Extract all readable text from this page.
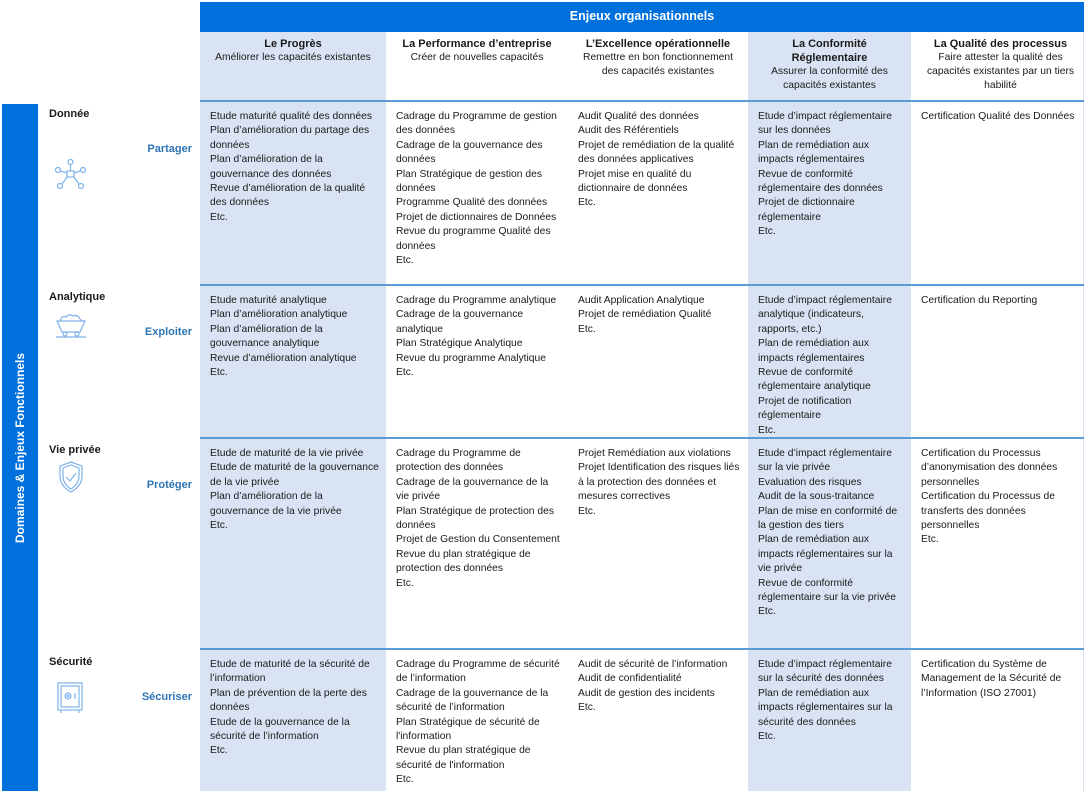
Enjeux organisationnels
Le Progrès
Améliorer les capacités existantes
La Performance d’entreprise
Créer de nouvelles capacités
L’Excellence opérationnelle
Remettre en bon fonctionnement des capacités existantes
La Conformité Réglementaire
Assurer la conformité des capacités existantes
La Qualité des processus
Faire attester la qualité des capacités existantes par un tiers habilité
Domaines & Enjeux Fonctionnels
Donnée
Partager
Analytique
Exploiter
Vie privée
Protéger
Sécurité
Sécuriser
Etude maturité qualité des données
Plan d’amélioration du partage des données
Plan d’amélioration de la gouvernance des données
Revue d’amélioration de la qualité des données
Etc.
Cadrage du Programme de gestion des données
Cadrage de la gouvernance des données
Plan Stratégique de gestion des données
Programme Qualité des données
Projet de dictionnaires de Données
Revue du programme Qualité des données
Etc.
Audit Qualité des données
Audit des Référentiels
Projet de remédiation de la qualité des données applicatives
Projet mise en qualité du dictionnaire de données
Etc.
Etude d’impact réglementaire sur les données
Plan de remédiation aux impacts réglementaires
Revue de conformité réglementaire des données
Projet de dictionnaire réglementaire
Etc.
Certification Qualité des Données
Etude maturité analytique
Plan d’amélioration analytique
Plan d’amélioration de la gouvernance analytique
Revue d’amélioration analytique
Etc.
Cadrage du Programme analytique
Cadrage de la gouvernance analytique
Plan Stratégique Analytique
Revue du programme Analytique
Etc.
Audit Application Analytique
Projet de remédiation Qualité
Etc.
Etude d’impact réglementaire analytique (indicateurs, rapports, etc.)
Plan de remédiation aux impacts réglementaires
Revue de conformité réglementaire analytique
Projet de notification réglementaire
Etc.
Certification du Reporting
Etude de maturité de la vie privée
Etude de maturité de la gouvernance de la vie privée
Plan d’amélioration de la gouvernance de la vie privée
Etc.
Cadrage du Programme de protection des données
Cadrage de la gouvernance de la vie privée
Plan Stratégique de protection des données
Projet de Gestion du Consentement
Revue du plan stratégique de protection des données
Etc.
Projet Remédiation aux violations
Projet Identification des risques liés à la protection des données et mesures correctives
Etc.
Etude d’impact réglementaire sur la vie privée
Evaluation des risques
Audit de la sous-traitance
Plan de mise en conformité de la gestion des tiers
Plan de remédiation aux impacts réglementaires sur la vie privée
Revue de conformité réglementaire sur la vie privée
Etc.
Certification du Processus d’anonymisation des données personnelles
Certification du Processus de transferts des données personnelles
Etc.
Etude de maturité de la sécurité de l’information
Plan de prévention de la perte des données
Etude de la gouvernance de la sécurité de l’information
Etc.
Cadrage du Programme de sécurité de l’information
Cadrage de la gouvernance de la sécurité de l’information
Plan Stratégique de sécurité de l'information
Revue du plan stratégique de sécurité de l'information
Etc.
Audit de sécurité de l’information
Audit de confidentialité
Audit de gestion des incidents
Etc.
Etude d’impact réglementaire sur la sécurité des données
Plan de remédiation aux impacts réglementaires sur la sécurité des données
Etc.
Certification du Système de Management de la Sécurité de l’Information (ISO 27001)
